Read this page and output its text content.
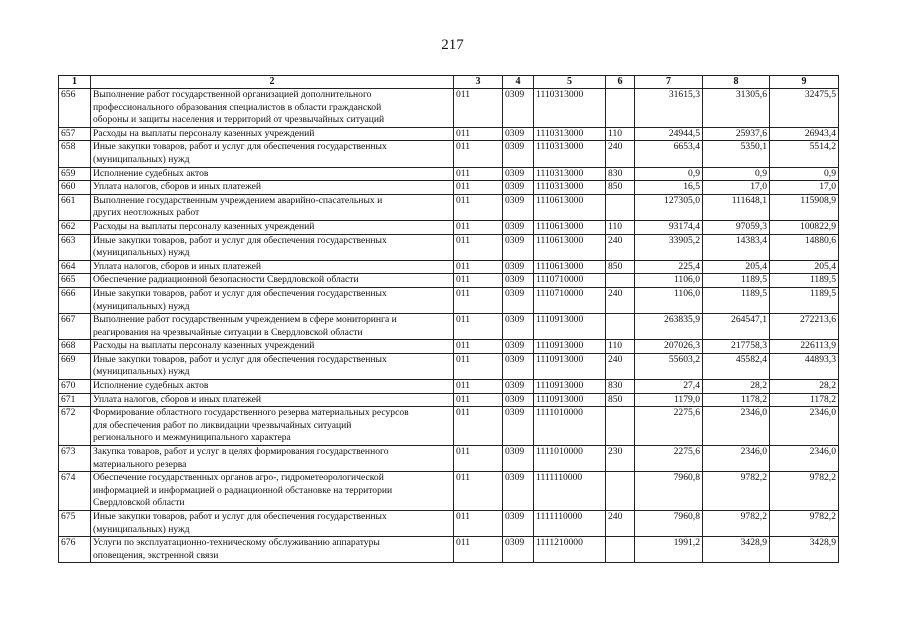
217
1	2	3	4	5	6	7	8	9
656	Выполнение работ государственной организацией дополнительного
профессионального образования специалистов в области гражданской
обороны и защиты населения и территорий от чрезвычайных ситуаций	011	0309	1110313000		31615,3	31305,6	32475,5
657	Расходы на выплаты персоналу казенных учреждений	011	0309	1110313000	110	24944,5	25937,6	26943,4
658	Иные закупки товаров, работ и услуг для обеспечения государственных
(муниципальных) нужд	011	0309	1110313000	240	6653,4	5350,1	5514,2
659	Исполнение судебных актов	011	0309	1110313000	830	0,9	0,9	0,9
660	Уплата налогов, сборов и иных платежей	011	0309	1110313000	850	16,5	17,0	17,0
661	Выполнение государственным учреждением аварийно-спасательных и
других неотложных работ	011	0309	1110613000		127305,0	111648,1	115908,9
662	Расходы на выплаты персоналу казенных учреждений	011	0309	1110613000	110	93174,4	97059,3	100822,9
663	Иные закупки товаров, работ и услуг для обеспечения государственных
(муниципальных) нужд	011	0309	1110613000	240	33905,2	14383,4	14880,6
664	Уплата налогов, сборов и иных платежей	011	0309	1110613000	850	225,4	205,4	205,4
665	Обеспечение радиационной безопасности Свердловской области	011	0309	1110710000		1106,0	1189,5	1189,5
666	Иные закупки товаров, работ и услуг для обеспечения государственных
(муниципальных) нужд	011	0309	1110710000	240	1106,0	1189,5	1189,5
667	Выполнение работ государственным учреждением в сфере мониторинга и
реагирования на чрезвычайные ситуации в Свердловской области	011	0309	1110913000		263835,9	264547,1	272213,6
668	Расходы на выплаты персоналу казенных учреждений	011	0309	1110913000	110	207026,3	217758,3	226113,9
669	Иные закупки товаров, работ и услуг для обеспечения государственных
(муниципальных) нужд	011	0309	1110913000	240	55603,2	45582,4	44893,3
670	Исполнение судебных актов	011	0309	1110913000	830	27,4	28,2	28,2
671	Уплата налогов, сборов и иных платежей	011	0309	1110913000	850	1179,0	1178,2	1178,2
672	Формирование областного государственного резерва материальных ресурсов
для обеспечения работ по ликвидации чрезвычайных ситуаций
регионального и межмуниципального характера	011	0309	1111010000		2275,6	2346,0	2346,0
673	Закупка товаров, работ и услуг в целях формирования государственного
материального резерва	011	0309	1111010000	230	2275,6	2346,0	2346,0
674	Обеспечение государственных органов агро-, гидрометеорологической
информацией и информацией о радиационной обстановке на территории
Свердловской области	011	0309	1111110000		7960,8	9782,2	9782,2
675	Иные закупки товаров, работ и услуг для обеспечения государственных
(муниципальных) нужд	011	0309	1111110000	240	7960,8	9782,2	9782,2
676	Услуги по эксплуатационно-техническому обслуживанию аппаратуры
оповещения, экстренной связи	011	0309	1111210000		1991,2	3428,9	3428,9
